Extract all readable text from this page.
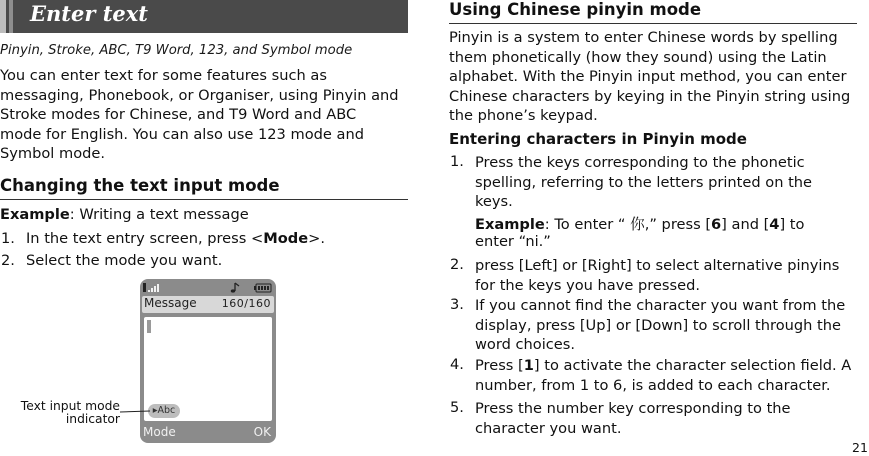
Enter text
Pinyin, Stroke, ABC, T9 Word, 123, and Symbol mode
You can enter text for some features such as
messaging, Phonebook, or Organiser, using Pinyin and
Stroke modes for Chinese, and T9 Word and ABC
mode for English. You can also use 123 mode and
Symbol mode.
Changing the text input mode
Example: Writing a text message
1. In the text entry screen, press <Mode>.
2. Select the mode you want.
Message 160/160
▸Abc
Mode	OK
Text input mode
indicator
Using Chinese pinyin mode
Pinyin is a system to enter Chinese words by spelling
them phonetically (how they sound) using the Latin
alphabet. With the Pinyin input method, you can enter
Chinese characters by keying in the Pinyin string using
the phone’s keypad.
Entering characters in Pinyin mode
1. Press the keys corresponding to the phonetic
spelling, referring to the letters printed on the
keys.
Example: To enter “ 你,” press [6] and [4] to
enter “ni.”
2. press [Left] or [Right] to select alternative pinyins
for the keys you have pressed.
3. If you cannot find the character you want from the
display, press [Up] or [Down] to scroll through the
word choices.
4. Press [1] to activate the character selection field. A
number, from 1 to 6, is added to each character.
5. Press the number key corresponding to the
character you want.
21
